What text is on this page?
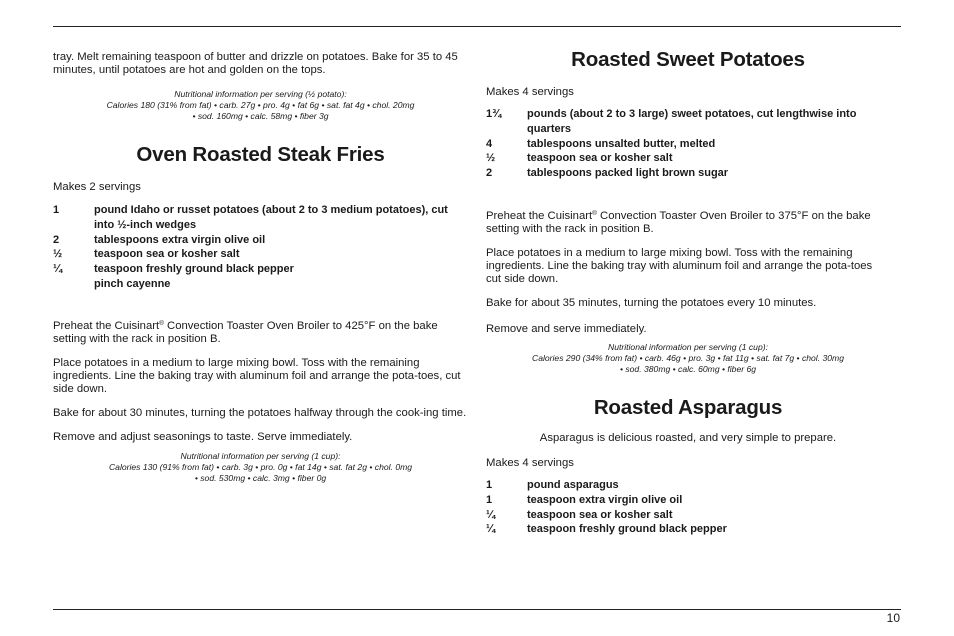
tray. Melt remaining teaspoon of butter and drizzle on potatoes. Bake for 35 to 45 minutes, until potatoes are hot and golden on the tops.

Nutritional information per serving (½ potato):
Calories 180 (31% from fat) • carb. 27g • pro. 4g • fat 6g • sat. fat 4g • chol. 20mg
• sod. 160mg • calc. 58mg • fiber 3g
Oven Roasted Steak Fries

Makes 2 servings

1	pound Idaho or russet potatoes (about 2 to 3 medium potatoes), cut into ½-inch wedges
2	tablespoons extra virgin olive oil
½	teaspoon sea or kosher salt
¼	teaspoon freshly ground black pepper
pinch cayenne

Preheat the Cuisinart® Convection Toaster Oven Broiler to 425°F on the bake setting with the rack in position B.

Place potatoes in a medium to large mixing bowl. Toss with the remaining ingredients. Line the baking tray with aluminum foil and arrange the pota-toes, cut side down.

Bake for about 30 minutes, turning the potatoes halfway through the cook-ing time.

Remove and adjust seasonings to taste. Serve immediately.

Nutritional information per serving (1 cup):
Calories 130 (91% from fat) • carb. 3g • pro. 0g • fat 14g • sat. fat 2g • chol. 0mg
• sod. 530mg • calc. 3mg • fiber 0g
Roasted Sweet Potatoes

Makes 4 servings

1¾	pounds (about 2 to 3 large) sweet potatoes, cut lengthwise into quarters
4	tablespoons unsalted butter, melted
½	teaspoon sea or kosher salt
2	tablespoons packed light brown sugar

Preheat the Cuisinart® Convection Toaster Oven Broiler to 375°F on the bake setting with the rack in position B.

Place potatoes in a medium to large mixing bowl. Toss with the remaining ingredients. Line the baking tray with aluminum foil and arrange the pota-toes cut side down.

Bake for about 35 minutes, turning the potatoes every 10 minutes.

Remove and serve immediately.

Nutritional information per serving (1 cup):
Calories 290 (34% from fat) • carb. 46g • pro. 3g • fat 11g • sat. fat 7g • chol. 30mg
• sod. 380mg • calc. 60mg • fiber 6g
Roasted Asparagus

Asparagus is delicious roasted, and very simple to prepare.

Makes 4 servings

1	pound asparagus
1	teaspoon extra virgin olive oil
¼	teaspoon sea or kosher salt
¼	teaspoon freshly ground black pepper
10
